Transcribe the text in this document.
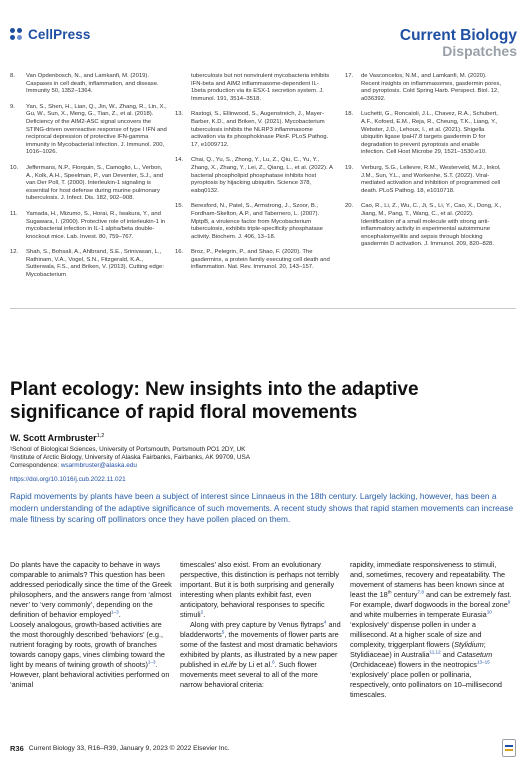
CellPress	Current Biology
Dispatches
8. Van Opdenbosch, N., and Lamkanfi, M. (2019). Caspases in cell death, inflammation, and disease. Immunity 50, 1352–1364.
9. Yan, S., Shen, H., Lian, Q., Jin, W., Zhang, R., Lin, X., Gu, W., Sun, X., Meng, G., Tian, Z., et al. (2018). Deficiency of the AIM2-ASC signal uncovers the STING-driven overreactive response of type I IFN and reciprocal depression of protective IFN-gamma immunity in Mycobacterial infection. J. Immunol. 200, 1016–1026.
10. Jeffermans, N.P., Florquin, S., Camoglio, L., Verbon, A., Kolk, A.H., Speelman, P., van Deventer, S.J., and van Der Poll, T. (2000). Interleukin-1 signaling is essential for host defense during murine pulmonary tuberculosis. J. Infect. Dis. 182, 902–908.
11. Yamada, H., Mizumo, S., Horai, R., Iwakura, Y., and Sugawara, I. (2000). Protective role of interleukin-1 in mycobacterial infection in IL-1 alpha/beta double-knockout mice. Lab. Invest. 80, 759–767.
12. Shah, S., Bohsali, A., Ahlbrand, S.E., Srinivasan, L., Rathinam, V.A., Vogel, S.N., Fitzgerald, K.A., Sutterwala, F.S., and Briken, V. (2013). Cutting edge: Mycobacterium
tuberculosis but not nonvirulent mycobacteria inhibits IFN-beta and AIM2 inflammasome-dependent IL-1beta production via its ESX-1 secretion system. J. Immunol. 191, 3514–3518.
13. Rastogi, S., Ellinwood, S., Augenstreich, J., Mayer-Barber, K.D., and Briken, V. (2021). Mycobacterium tuberculosis inhibits the NLRP3 inflammasome activation via its phosphokinase PknF. PLoS Pathog. 17, e1009712.
14. Chai, Q., Yu, S., Zhong, Y., Lu, Z., Qiu, C., Yu, Y., Zhang, X., Zhang, Y., Lei, Z., Qiang, L., et al. (2022). A bacterial phospholipid phosphatase inhibits host pyroptosis by hijacking ubiquitin. Science 378, eabq0132.
15. Beresford, N., Patel, S., Armstrong, J., Szoor, B., Fordham-Skelton, A.P., and Tabernero, L. (2007). MptpB, a virulence factor from Mycobacterium tuberculosis, exhibits triple-specificity phosphatase activity. Biochem. J. 406, 13–18.
16. Broz, P., Pelegrin, P., and Shao, F. (2020). The gasdermins, a protein family executing cell death and inflammation. Nat. Rev. Immunol. 20, 143–157.
17. de Vasconcelos, N.M., and Lamkanfi, M. (2020). Recent insights on inflammasomes, gasdermin pores, and pyroptosis. Cold Spring Harb. Perspect. Biol. 12, a036392.
18. Luchetti, G., Roncaioli, J.L., Chavez, R.A., Schubert, A.F., Kofoed, E.M., Reja, R., Cheung, T.K., Liang, Y., Webster, J.D., Lehoux, I., et al. (2021). Shigella ubiquitin ligase IpaH7.8 targets gasdermin D for degradation to prevent pyroptosis and enable infection. Cell Host Microbe 29, 1521–1530.e10.
19. Verburg, S.G., Lelievre, R.M., Westerveld, M.J., Inkol, J.M., Sun, Y.L., and Workenhe, S.T. (2022). Viral-mediated activation and inhibition of programmed cell death. PLoS Pathog. 18, e1010718.
20. Cao, R., Li, Z., Wu, C., Ji, S., Li, Y., Cao, X., Dong, X., Jiang, M., Pang, T., Wang, C., et al. (2022). Identification of a small molecule with strong anti-inflammatory activity in experimental autoimmune encephalomyelitis and sepsis through blocking gasdermin D activation. J. Immunol. 209, 820–828.
Plant ecology: New insights into the adaptive significance of rapid floral movements
W. Scott Armbruster$^{1,2}$
¹School of Biological Sciences, University of Portsmouth, Portsmouth PO1 2DY, UK
²Institute of Arctic Biology, University of Alaska Fairbanks, Fairbanks, AK 99709, USA
Correspondence: wsarmbruster@alaska.edu
https://doi.org/10.1016/j.cub.2022.11.021

Rapid movements by plants have been a subject of interest since Linnaeus in the 18th century. Largely lacking, however, has been a modern understanding of the adaptive significance of such movements. A recent study shows that rapid stamen movements can increase male fitness by scaring off pollinators once they have pollen placed on them.

Do plants have the capacity to behave in ways comparable to animals? This question has been addressed periodically since the time of the Greek philosophers, and the answers range from ‘almost never’ to ‘very commonly’, depending on the definition of behavior employed$^{1-3}$.

Loosely analogous, growth-based activities are the most thoroughly described ‘behaviors’ (e.g., nutrient foraging by roots, growth of branches towards canopy gaps, vines climbing toward the light by means of twining growth of shoots)$^{1-3}$. However, plant behavioral activities performed on ‘animal

timescales’ also exist. From an evolutionary perspective, this distinction is perhaps not terribly important. But it is both surprising and generally interesting when plants exhibit fast, even anticipatory, behavioral responses to specific stimuli$^2$.

Along with prey capture by Venus flytraps$^4$ and bladderworts$^5$, the movements of flower parts are some of the fastest and most dramatic behaviors exhibited by plants, as illustrated by a new paper published in eLife by Li et al.$^6$. Such flower movements meet several to all of the more narrow behavioral criteria:

rapidity, immediate responsiveness to stimuli, and, sometimes, recovery and repeatability. The movement of stamens has been known since at least the 18th century$^{7,8}$ and can be extremely fast. For example, dwarf dogwoods in the boreal zone$^9$ and white mulberries in temperate Eurasia$^{10}$ ‘explosively’ dispense pollen in under a millisecond. At a higher scale of size and complexity, triggerplant flowers (Stylidium; Stylidiaceae) in Australia$^{11,12}$ and Catasetum (Orchidaceae) flowers in the neotropics$^{13-15}$ ‘explosively’ place pollen or pollinaria, respectively, onto pollinators on 10–millisecond timescales.

R36 Current Biology 33, R16–R39, January 9, 2023 © 2022 Elsevier Inc.
